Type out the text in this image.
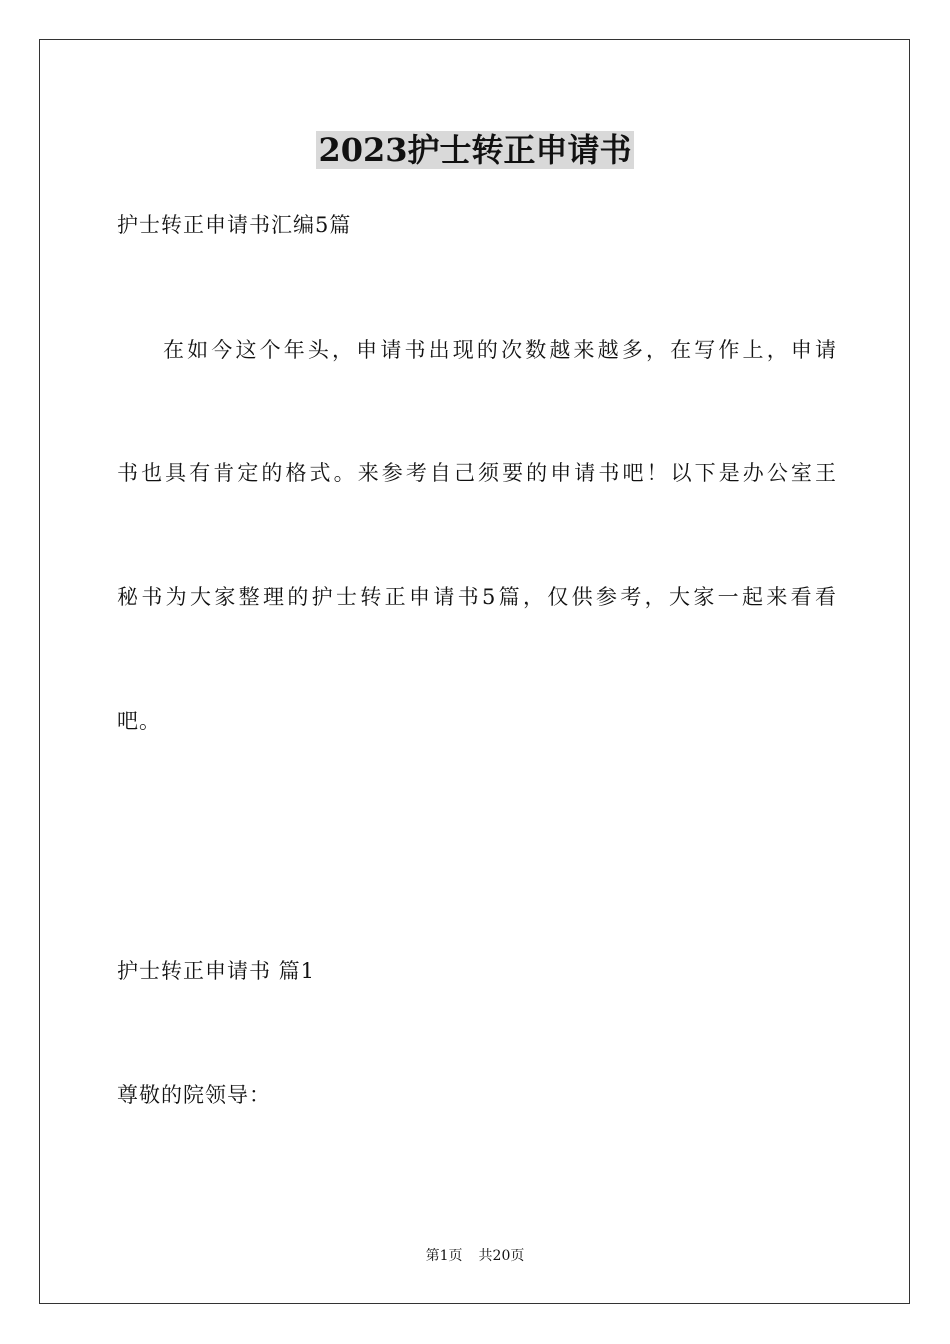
2023护士转正申请书
护士转正申请书汇编5篇
在如今这个年头，申请书出现的次数越来越多，在写作上，申请
书也具有肯定的格式。来参考自己须要的申请书吧！以下是办公室王
秘书为大家整理的护士转正申请书5篇，仅供参考，大家一起来看看
吧。
护士转正申请书 篇1
尊敬的院领导：
第1页 共20页
